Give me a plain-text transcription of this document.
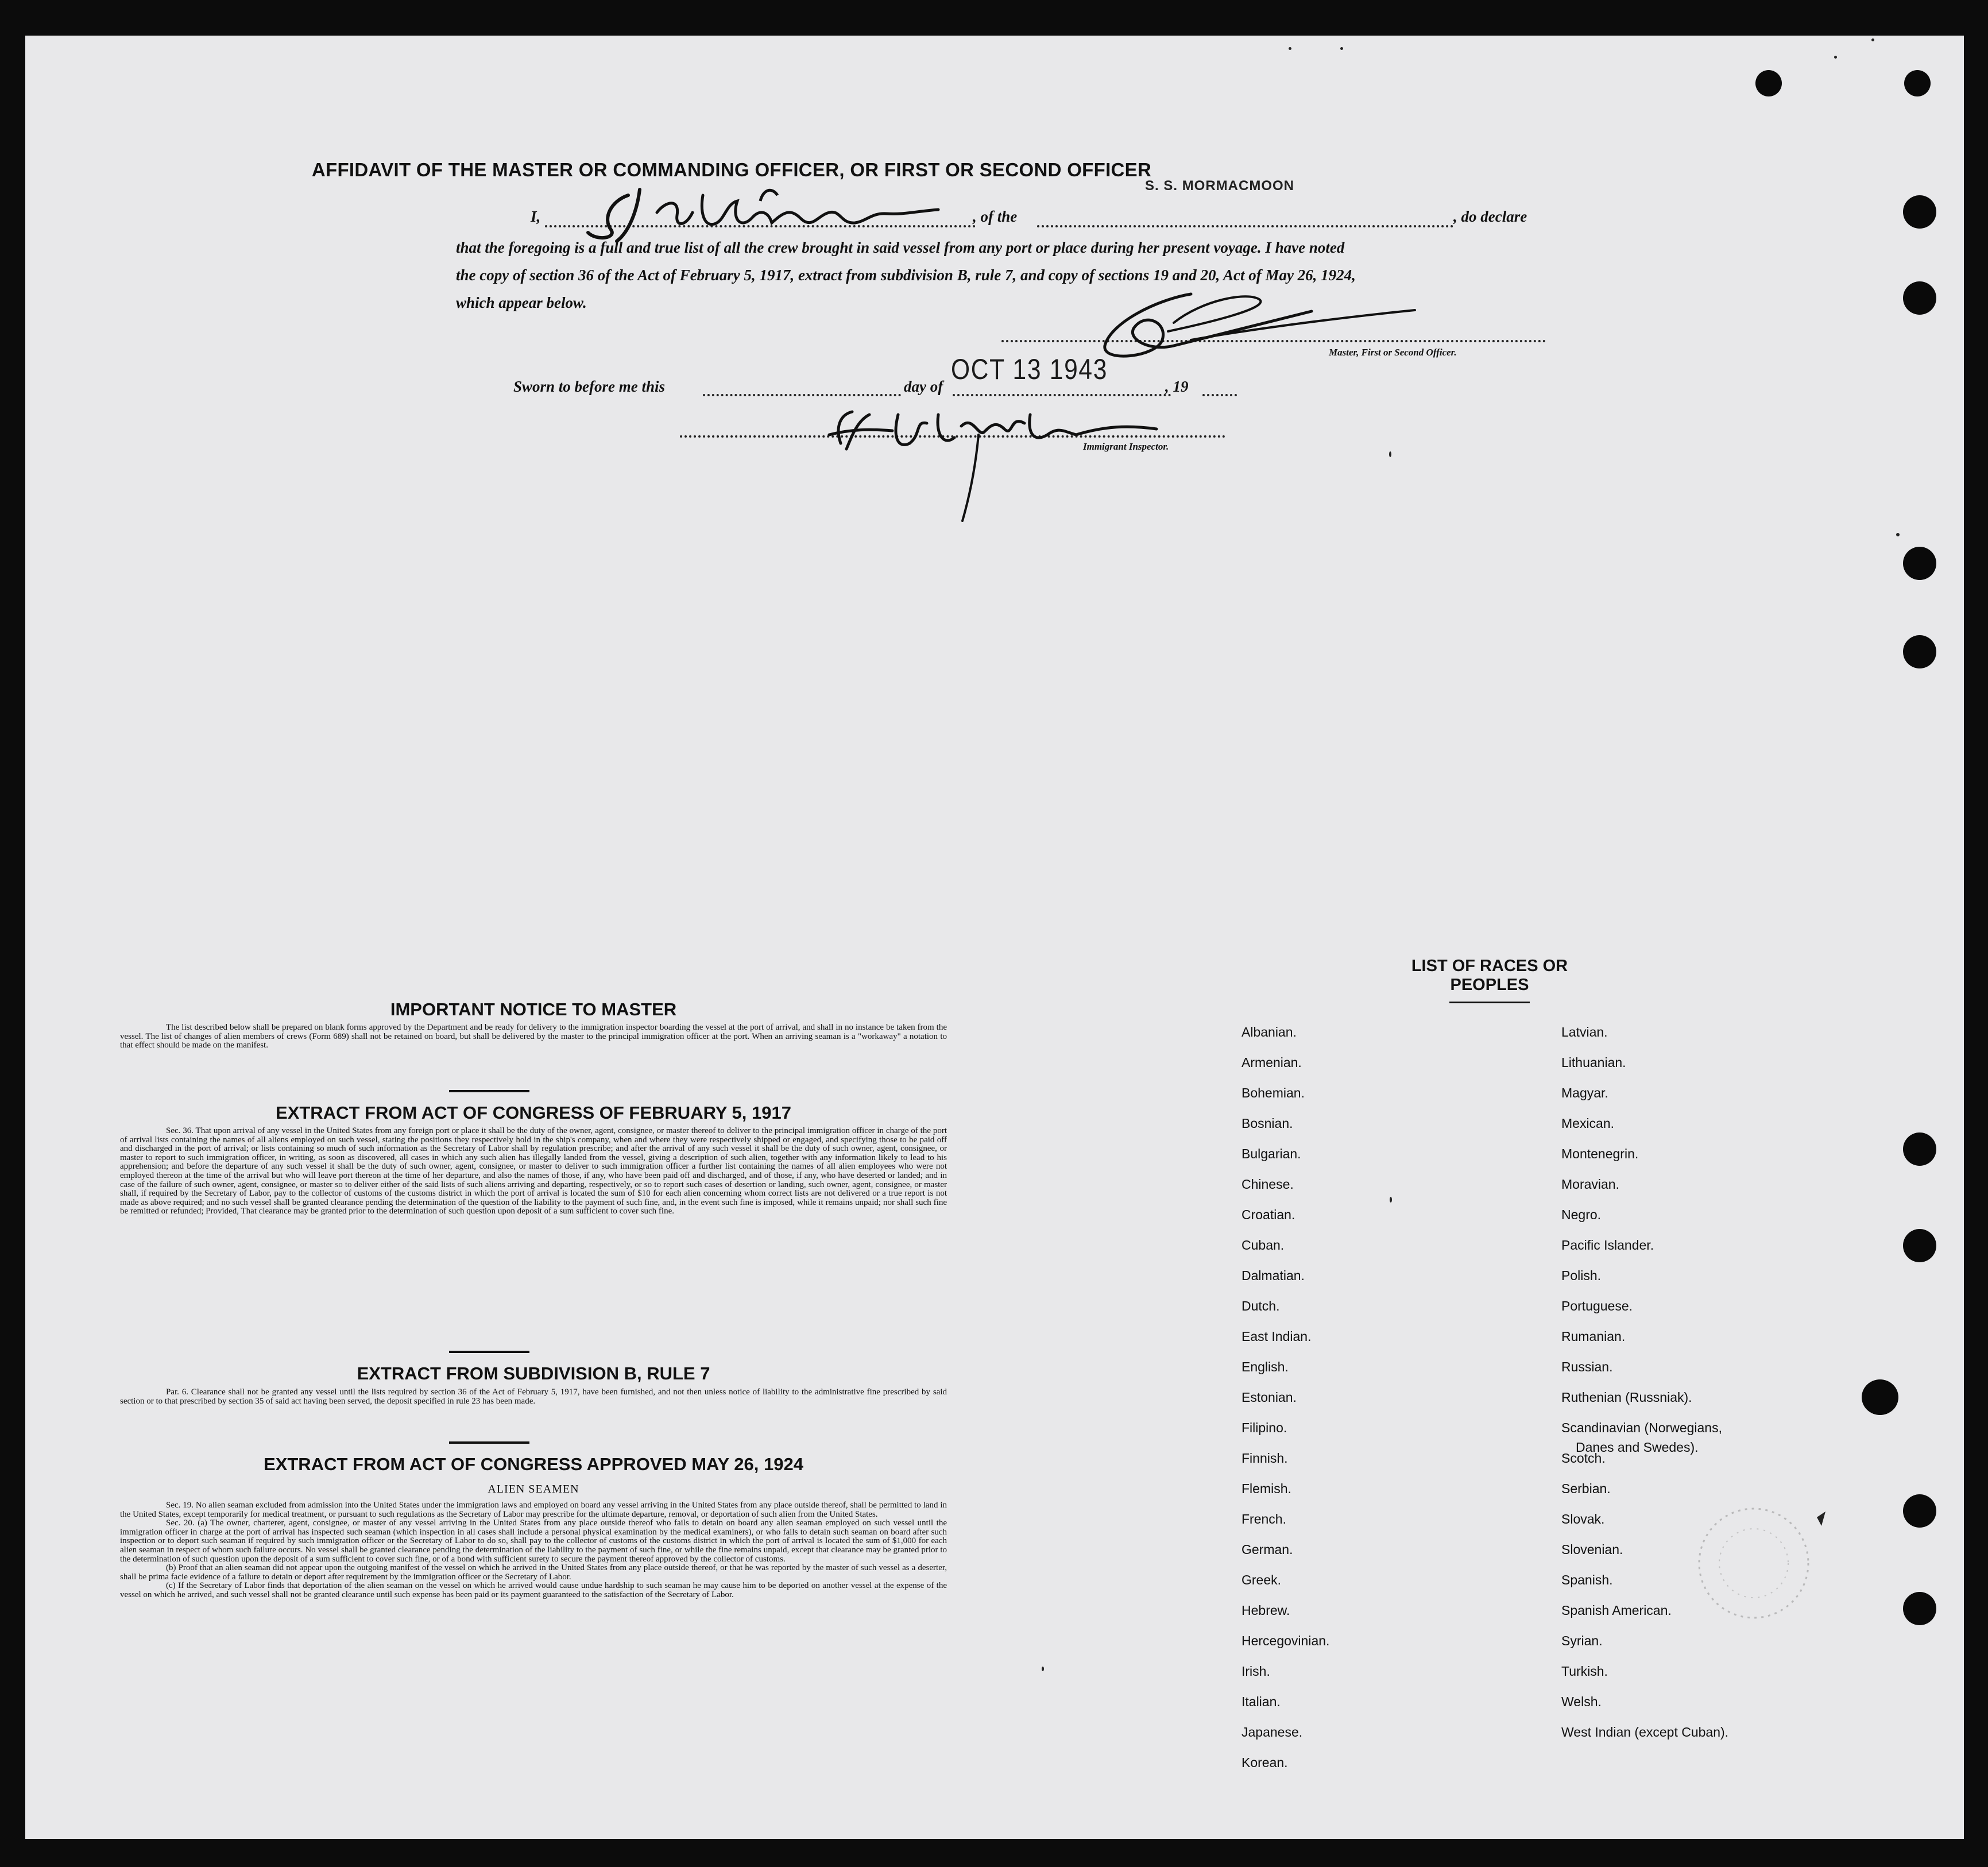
AFFIDAVIT OF THE MASTER OR COMMANDING OFFICER, OR FIRST OR SECOND OFFICER
S. S. MORMACMOON
I,	, of the	, do declare
that the foregoing is a full and true list of all the crew brought in said vessel from any port or place during her present voyage. I have noted
the copy of section 36 of the Act of February 5, 1917, extract from subdivision B, rule 7, and copy of sections 19 and 20, Act of May 26, 1924,
which appear below.
Master, First or Second Officer.
Sworn to before me this	day of	, 19
OCT 13 1943
Immigrant Inspector.
IMPORTANT NOTICE TO MASTER

The list described below shall be prepared on blank forms approved by the Department and be ready for delivery to the immigration inspector boarding the vessel at the port of arrival, and shall in no instance be taken from the vessel. The list of changes of alien members of crews (Form 689) shall not be retained on board, but shall be delivered by the master to the principal immigration officer at the port. When an arriving seaman is a "workaway" a notation to that effect should be made on the manifest.

EXTRACT FROM ACT OF CONGRESS OF FEBRUARY 5, 1917

Sec. 36. That upon arrival of any vessel in the United States from any foreign port or place it shall be the duty of the owner, agent, consignee, or master thereof to deliver to the principal immigration officer in charge of the port of arrival lists containing the names of all aliens employed on such vessel, stating the positions they respectively hold in the ship's company, when and where they were respectively shipped or engaged, and specifying those to be paid off and discharged in the port of arrival; or lists containing so much of such information as the Secretary of Labor shall by regulation prescribe; and after the arrival of any such vessel it shall be the duty of such owner, agent, consignee, or master to report to such immigration officer, in writing, as soon as discovered, all cases in which any such alien has illegally landed from the vessel, giving a description of such alien, together with any information likely to lead to his apprehension; and before the departure of any such vessel it shall be the duty of such owner, agent, consignee, or master to deliver to such immigration officer a further list containing the names of all alien employees who were not employed thereon at the time of the arrival but who will leave port thereon at the time of her departure, and also the names of those, if any, who have been paid off and discharged, and of those, if any, who have deserted or landed; and in case of the failure of such owner, agent, consignee, or master so to deliver either of the said lists of such aliens arriving and departing, respectively, or so to report such cases of desertion or landing, such owner, agent, consignee, or master shall, if required by the Secretary of Labor, pay to the collector of customs of the customs district in which the port of arrival is located the sum of $10 for each alien concerning whom correct lists are not delivered or a true report is not made as above required; and no such vessel shall be granted clearance pending the determination of the question of the liability to the payment of such fine, and, in the event such fine is imposed, while it remains unpaid; nor shall such fine be remitted or refunded; Provided, That clearance may be granted prior to the determination of such question upon deposit of a sum sufficient to cover such fine.

EXTRACT FROM SUBDIVISION B, RULE 7

Par. 6. Clearance shall not be granted any vessel until the lists required by section 36 of the Act of February 5, 1917, have been furnished, and not then unless notice of liability to the administrative fine prescribed by said section or to that prescribed by section 35 of said act having been served, the deposit specified in rule 23 has been made.

EXTRACT FROM ACT OF CONGRESS APPROVED MAY 26, 1924
ALIEN SEAMEN

Sec. 19. No alien seaman excluded from admission into the United States under the immigration laws and employed on board any vessel arriving in the United States from any place outside thereof, shall be permitted to land in the United States, except temporarily for medical treatment, or pursuant to such regulations as the Secretary of Labor may prescribe for the ultimate departure, removal, or deportation of such alien from the United States.

Sec. 20. (a) The owner, charterer, agent, consignee, or master of any vessel arriving in the United States from any place outside thereof who fails to detain on board any alien seaman employed on such vessel until the immigration officer in charge at the port of arrival has inspected such seaman (which inspection in all cases shall include a personal physical examination by the medical examiners), or who fails to detain such seaman on board after such inspection or to deport such seaman if required by such immigration officer or the Secretary of Labor to do so, shall pay to the collector of customs of the customs district in which the port of arrival is located the sum of $1,000 for each alien seaman in respect of whom such failure occurs. No vessel shall be granted clearance pending the determination of the liability to the payment of such fine, or while the fine remains unpaid, except that clearance may be granted prior to the determination of such question upon the deposit of a sum sufficient to cover such fine, or of a bond with sufficient surety to secure the payment thereof approved by the collector of customs.

(b) Proof that an alien seaman did not appear upon the outgoing manifest of the vessel on which he arrived in the United States from any place outside thereof, or that he was reported by the master of such vessel as a deserter, shall be prima facie evidence of a failure to detain or deport after requirement by the immigration officer or the Secretary of Labor.

(c) If the Secretary of Labor finds that deportation of the alien seaman on the vessel on which he arrived would cause undue hardship to such seaman he may cause him to be deported on another vessel at the expense of the vessel on which he arrived, and such vessel shall not be granted clearance until such expense has been paid or its payment guaranteed to the satisfaction of the Secretary of Labor.

LIST OF RACES OR PEOPLES
Albanian.
Armenian.
Bohemian.
Bosnian.
Bulgarian.
Chinese.
Croatian.
Cuban.
Dalmatian.
Dutch.
East Indian.
English.
Estonian.
Filipino.
Finnish.
Flemish.
French.
German.
Greek.
Hebrew.
Hercegovinian.
Irish.
Italian.
Japanese.
Korean.
Latvian.
Lithuanian.
Magyar.
Mexican.
Montenegrin.
Moravian.
Negro.
Pacific Islander.
Polish.
Portuguese.
Rumanian.
Russian.
Ruthenian (Russniak).
Scandinavian (Norwegians,
Danes and Swedes).
Scotch.
Serbian.
Slovak.
Slovenian.
Spanish.
Spanish American.
Syrian.
Turkish.
Welsh.
West Indian (except Cuban).
